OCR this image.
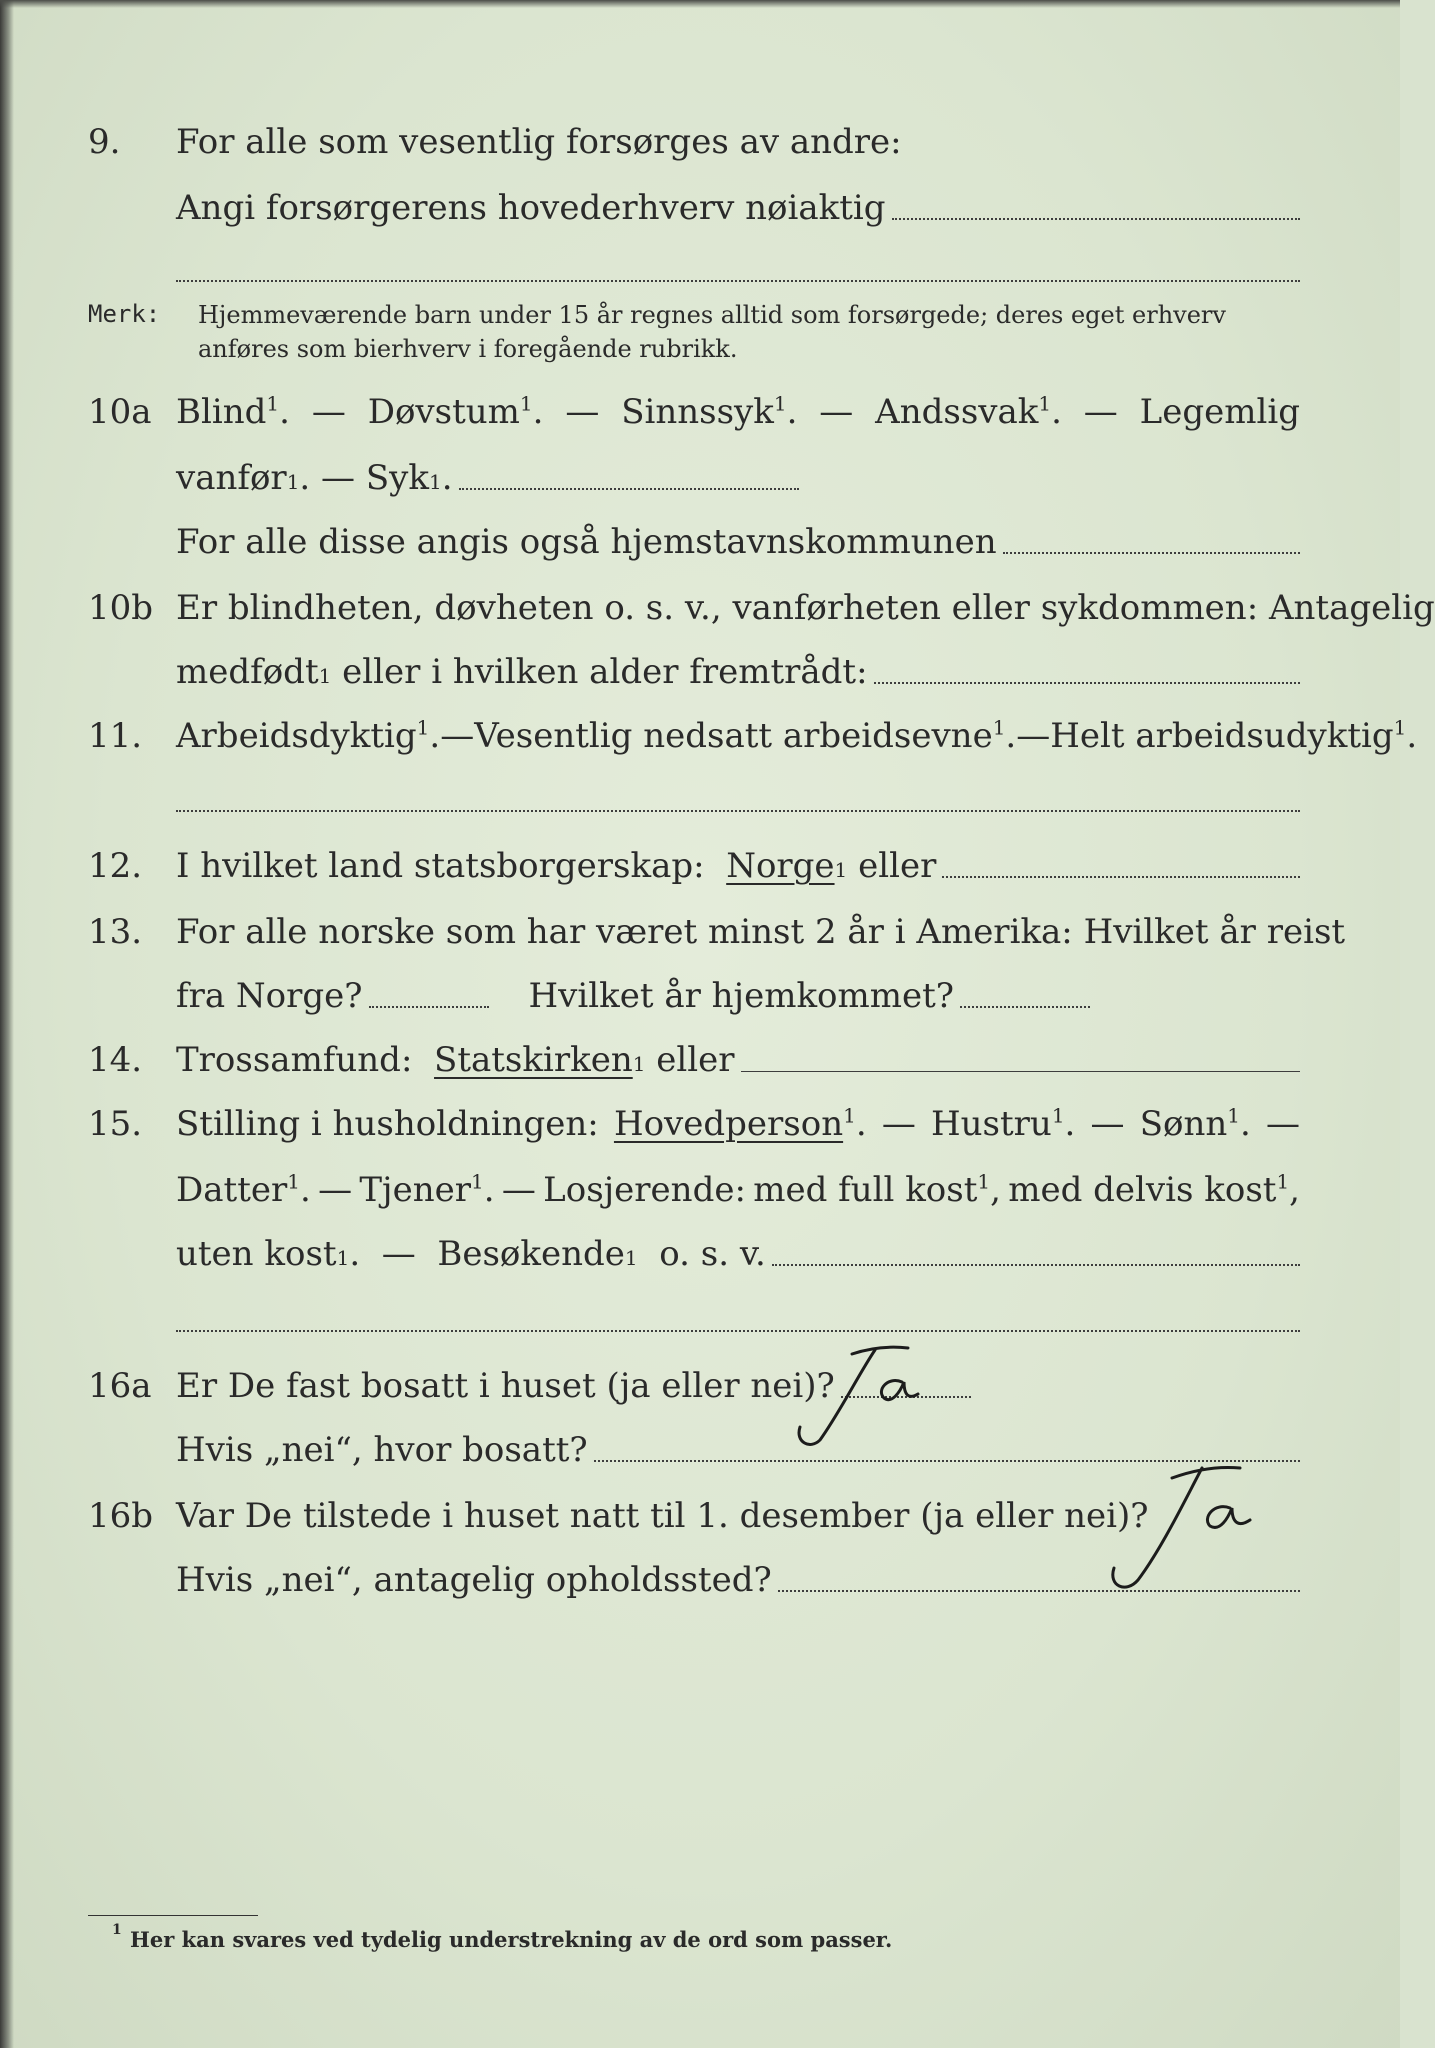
9. For alle som vesentlig forsørges av andre:
Angi forsørgerens hovederhverv nøiaktig
Merk: Hjemmeværende barn under 15 år regnes alltid som forsørgede; deres eget erhverv anføres som bierhverv i foregående rubrikk.
10a Blind$^1$. — Døvstum$^1$. — Sinnssyk$^1$. — Andssvak$^1$. — Legemlig
vanfør 1 . —
Syk 1 .
For alle disse angis også hjemstavnskommunen
10b Er blindheten, døvheten o. s. v., vanførheten eller sykdommen: Antagelig
medfødt 1
eller i hvilken alder fremtrådt:
11. Arbeidsdyktig$^1$. — Vesentlig nedsatt arbeidsevne$^1$. — Helt arbeidsudyktig$^1$.
12. I hvilket land statsborgerskap:
Norge 1
eller
13. For alle norske som har været minst 2 år i Amerika: Hvilket år reist
fra Norge?	Hvilket år hjemkommet?
14. Trossamfund:
Statskirken 1
eller
15. Stilling i husholdningen: Hovedperson$^1$. — Hustru$^1$. — Sønn$^1$. —
Datter$^1$. — Tjener$^1$. — Losjerende: med full kost$^1$, med delvis kost$^1$,
uten kost 1 . —
Besøkende 1
o. s. v.
16a Er De fast bosatt i huset (ja eller nei)?
Hvis „nei“, hvor bosatt?
16b Var De tilstede i huset natt til 1. desember (ja eller nei)?
Hvis „nei“, antagelig opholdssted?
1 Her kan svares ved tydelig understrekning av de ord som passer.
